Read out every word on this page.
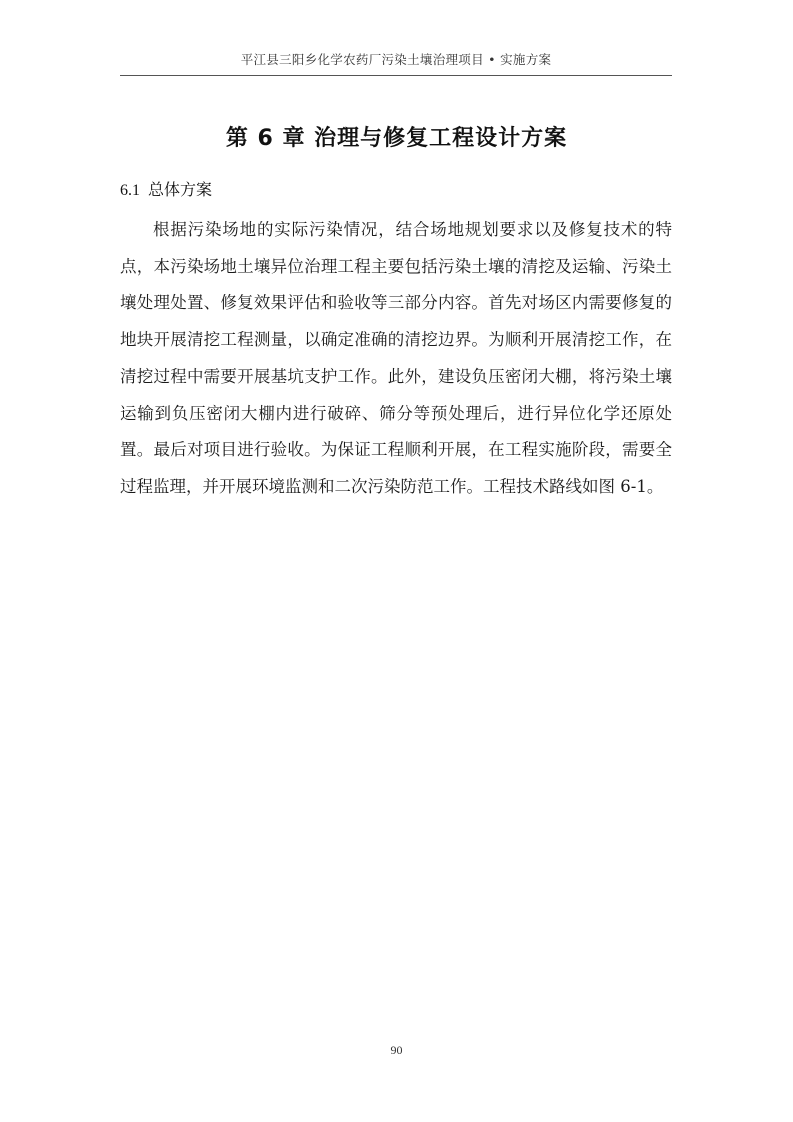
平江县三阳乡化学农药厂污染土壤治理项目 • 实施方案
第 6 章 治理与修复工程设计方案
6.1 总体方案

根据污染场地的实际污染情况，结合场地规划要求以及修复技术的特点，本污染场地土壤异位治理工程主要包括污染土壤的清挖及运输、污染土壤处理处置、修复效果评估和验收等三部分内容。首先对场区内需要修复的地块开展清挖工程测量，以确定准确的清挖边界。为顺利开展清挖工作，在清挖过程中需要开展基坑支护工作。此外，建设负压密闭大棚，将污染土壤运输到负压密闭大棚内进行破碎、筛分等预处理后，进行异位化学还原处置。最后对项目进行验收。为保证工程顺利开展，在工程实施阶段，需要全过程监理，并开展环境监测和二次污染防范工作。工程技术路线如图 6-1。

90
